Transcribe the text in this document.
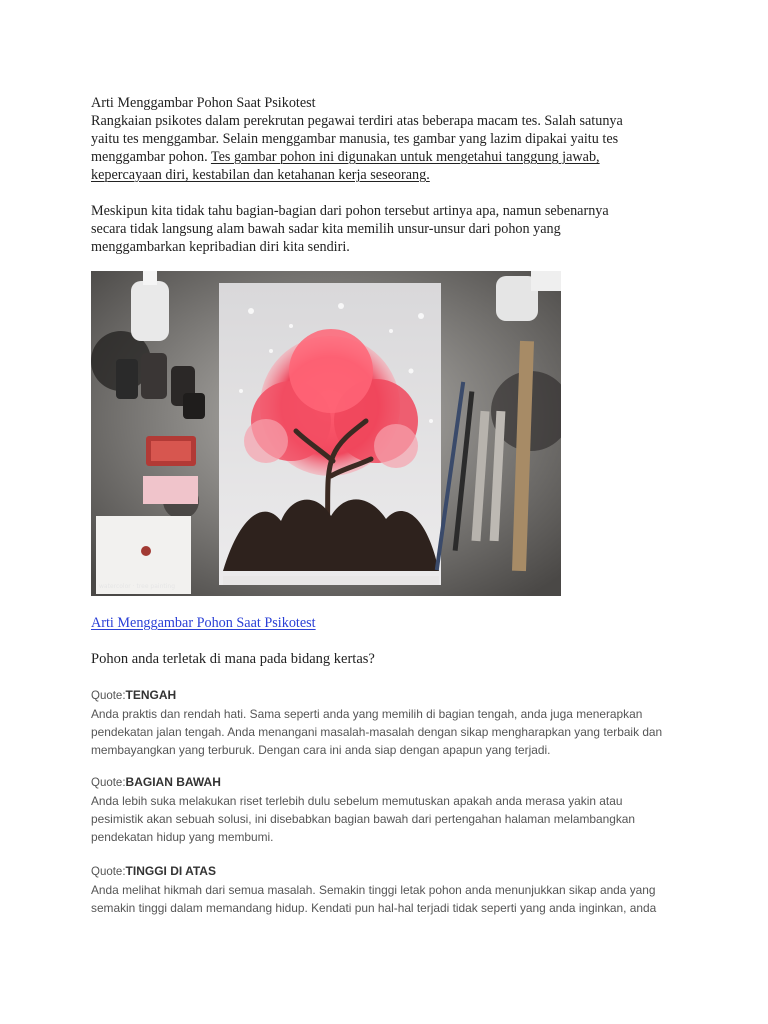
Arti Menggambar Pohon Saat Psikotest
Rangkaian psikotes dalam perekrutan pegawai terdiri atas beberapa macam tes. Salah satunya
yaitu tes menggambar. Selain menggambar manusia, tes gambar yang lazim dipakai yaitu tes
menggambar pohon. Tes gambar pohon ini digunakan untuk mengetahui tanggung jawab,
kepercayaan diri, kestabilan dan ketahanan kerja seseorang.
Meskipun kita tidak tahu bagian-bagian dari pohon tersebut artinya apa, namun sebenarnya
secara tidak langsung alam bawah sadar kita memilih unsur-unsur dari pohon yang
menggambarkan kepribadian diri kita sendiri.
watercolor · tree painting
Arti Menggambar Pohon Saat Psikotest
Pohon anda terletak di mana pada bidang kertas?
Quote:TENGAH
Anda praktis dan rendah hati. Sama seperti anda yang memilih di bagian tengah, anda juga menerapkan
pendekatan jalan tengah. Anda menangani masalah-masalah dengan sikap mengharapkan yang terbaik dan
membayangkan yang terburuk. Dengan cara ini anda siap dengan apapun yang terjadi.
Quote:BAGIAN BAWAH
Anda lebih suka melakukan riset terlebih dulu sebelum memutuskan apakah anda merasa yakin atau
pesimistik akan sebuah solusi, ini disebabkan bagian bawah dari pertengahan halaman melambangkan
pendekatan hidup yang membumi.
Quote:TINGGI DI ATAS
Anda melihat hikmah dari semua masalah. Semakin tinggi letak pohon anda menunjukkan sikap anda yang
semakin tinggi dalam memandang hidup. Kendati pun hal-hal terjadi tidak seperti yang anda inginkan, anda
